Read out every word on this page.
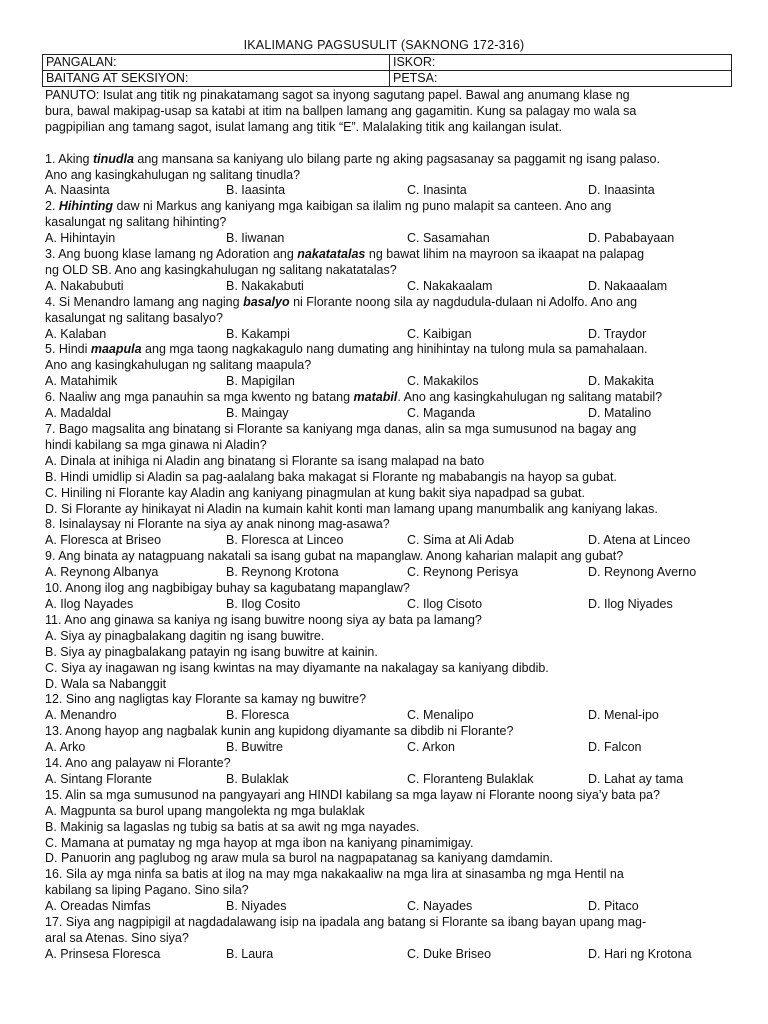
IKALIMANG PAGSUSULIT (SAKNONG 172-316)
PANGALAN:	ISKOR:
BAITANG AT SEKSIYON:	PETSA:

PANUTO: Isulat ang titik ng pinakatamang sagot sa inyong sagutang papel. Bawal ang anumang klase ng

bura, bawal makipag-usap sa katabi at itim na ballpen lamang ang gagamitin. Kung sa palagay mo wala sa

pagpipilian ang tamang sagot, isulat lamang ang titik “E”. Malalaking titik ang kailangan isulat.

1. Aking tinudla ang mansana sa kaniyang ulo bilang parte ng aking pagsasanay sa paggamit ng isang palaso.

Ano ang kasingkahulugan ng salitang tinudla?

A. Naasinta	B. Iaasinta	C. Inasinta	D. Inaasinta

2. Hihinting daw ni Markus ang kaniyang mga kaibigan sa ilalim ng puno malapit sa canteen. Ano ang

kasalungat ng salitang hihinting?

A. Hihintayin	B. Iiwanan	C. Sasamahan	D. Pababayaan

3. Ang buong klase lamang ng Adoration ang nakatatalas ng bawat lihim na mayroon sa ikaapat na palapag

ng OLD SB. Ano ang kasingkahulugan ng salitang nakatatalas?

A. Nakabubuti	B. Nakakabuti	C. Nakakaalam	D. Nakaaalam

4. Si Menandro lamang ang naging basalyo ni Florante noong sila ay nagdudula-dulaan ni Adolfo. Ano ang

kasalungat ng salitang basalyo?

A. Kalaban	B. Kakampi	C. Kaibigan	D. Traydor

5. Hindi maapula ang mga taong nagkakagulo nang dumating ang hinihintay na tulong mula sa pamahalaan.

Ano ang kasingkahulugan ng salitang maapula?

A. Matahimik	B. Mapigilan	C. Makakilos	D. Makakita

6. Naaliw ang mga panauhin sa mga kwento ng batang matabil. Ano ang kasingkahulugan ng salitang matabil?

A. Madaldal	B. Maingay	C. Maganda	D. Matalino

7. Bago magsalita ang binatang si Florante sa kaniyang mga danas, alin sa mga sumusunod na bagay ang

hindi kabilang sa mga ginawa ni Aladin?

A. Dinala at inihiga ni Aladin ang binatang si Florante sa isang malapad na bato

B. Hindi umidlip si Aladin sa pag-aalalang baka makagat si Florante ng mababangis na hayop sa gubat.

C. Hiniling ni Florante kay Aladin ang kaniyang pinagmulan at kung bakit siya napadpad sa gubat.

D. Si Florante ay hinikayat ni Aladin na kumain kahit konti man lamang upang manumbalik ang kaniyang lakas.

8. Isinalaysay ni Florante na siya ay anak ninong mag-asawa?

A. Floresca at Briseo	B. Floresca at Linceo	C. Sima at Ali Adab	D. Atena at Linceo

9. Ang binata ay natagpuang nakatali sa isang gubat na mapanglaw. Anong kaharian malapit ang gubat?

A. Reynong Albanya	B. Reynong Krotona	C. Reynong Perisya	D. Reynong Averno

10. Anong ilog ang nagbibigay buhay sa kagubatang mapanglaw?

A. Ilog Nayades	B. Ilog Cosito	C. Ilog Cisoto	D. Ilog Niyades

11. Ano ang ginawa sa kaniya ng isang buwitre noong siya ay bata pa lamang?

A. Siya ay pinagbalakang dagitin ng isang buwitre.

B. Siya ay pinagbalakang patayin ng isang buwitre at kainin.

C. Siya ay inagawan ng isang kwintas na may diyamante na nakalagay sa kaniyang dibdib.

D. Wala sa Nabanggit

12. Sino ang nagligtas kay Florante sa kamay ng buwitre?

A. Menandro	B. Floresca	C. Menalipo	D. Menal-ipo

13. Anong hayop ang nagbalak kunin ang kupidong diyamante sa dibdib ni Florante?

A. Arko	B. Buwitre	C. Arkon	D. Falcon

14. Ano ang palayaw ni Florante?

A. Sintang Florante	B. Bulaklak	C. Floranteng Bulaklak	D. Lahat ay tama

15. Alin sa mga sumusunod na pangyayari ang HINDI kabilang sa mga layaw ni Florante noong siya’y bata pa?

A. Magpunta sa burol upang mangolekta ng mga bulaklak

B. Makinig sa lagaslas ng tubig sa batis at sa awit ng mga nayades.

C. Mamana at pumatay ng mga hayop at mga ibon na kaniyang pinamimigay.

D. Panuorin ang paglubog ng araw mula sa burol na nagpapatanag sa kaniyang damdamin.

16. Sila ay mga ninfa sa batis at ilog na may mga nakakaaliw na mga lira at sinasamba ng mga Hentil na

kabilang sa liping Pagano. Sino sila?

A. Oreadas Nimfas	B. Niyades	C. Nayades	D. Pitaco

17. Siya ang nagpipigil at nagdadalawang isip na ipadala ang batang si Florante sa ibang bayan upang mag-

aral sa Atenas. Sino siya?

A. Prinsesa Floresca	B. Laura	C. Duke Briseo	D. Hari ng Krotona
